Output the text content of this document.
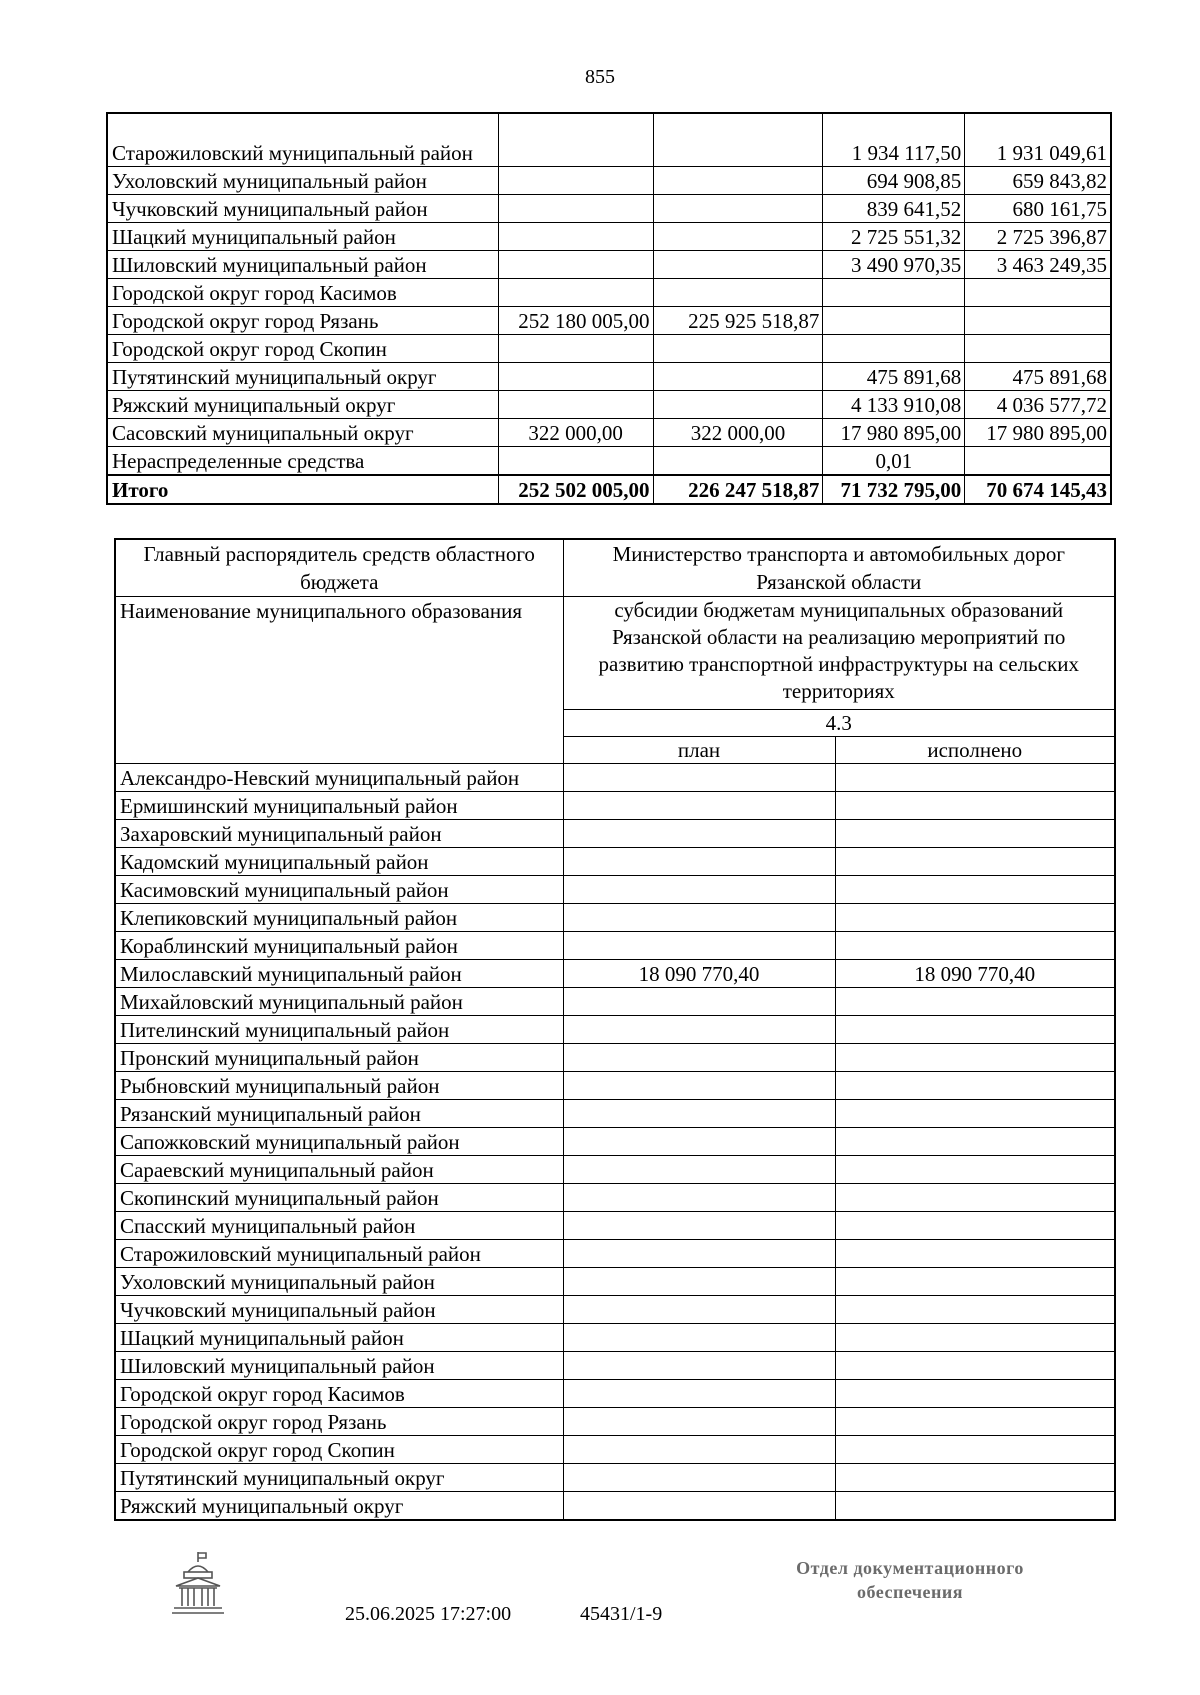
855
Старожиловский муниципальный район			1 934 117,50	1 931 049,61
Ухоловский муниципальный район			694 908,85	659 843,82
Чучковский муниципальный район			839 641,52	680 161,75
Шацкий муниципальный район			2 725 551,32	2 725 396,87
Шиловский муниципальный район			3 490 970,35	3 463 249,35
Городской округ город Касимов				
Городской округ город Рязань	252 180 005,00	225 925 518,87		
Городской округ город Скопин				
Путятинский муниципальный округ			475 891,68	475 891,68
Ряжский муниципальный округ			4 133 910,08	4 036 577,72
Сасовский муниципальный округ	322 000,00	322 000,00	17 980 895,00	17 980 895,00
Нераспределенные средства			0,01	
Итого	252 502 005,00	226 247 518,87	71 732 795,00	70 674 145,43
Главный распорядитель средств областного бюджета	Министерство транспорта и автомобильных дорог Рязанской области	
Наименование муниципального образования	субсидии бюджетам муниципальных образований Рязанской области на реализацию мероприятий по развитию транспортной инфраструктуры на сельских территориях	
	4.3	
	план	исполнено
Александро-Невский муниципальный район		
Ермишинский муниципальный район		
Захаровский муниципальный район		
Кадомский муниципальный район		
Касимовский муниципальный район		
Клепиковский муниципальный район		
Кораблинский муниципальный район		
Милославский муниципальный район	18 090 770,40	18 090 770,40
Михайловский муниципальный район		
Пителинский муниципальный район		
Пронский муниципальный район		
Рыбновский муниципальный район		
Рязанский муниципальный район		
Сапожковский муниципальный район		
Сараевский муниципальный район		
Скопинский муниципальный район		
Спасский муниципальный район		
Старожиловский муниципальный район		
Ухоловский муниципальный район		
Чучковский муниципальный район		
Шацкий муниципальный район		
Шиловский муниципальный район		
Городской округ город Касимов		
Городской округ город Рязань		
Городской округ город Скопин		
Путятинский муниципальный округ		
Ряжский муниципальный округ		
25.06.2025 17:27:00	45431/1-9
Отдел документационного
обеспечения
